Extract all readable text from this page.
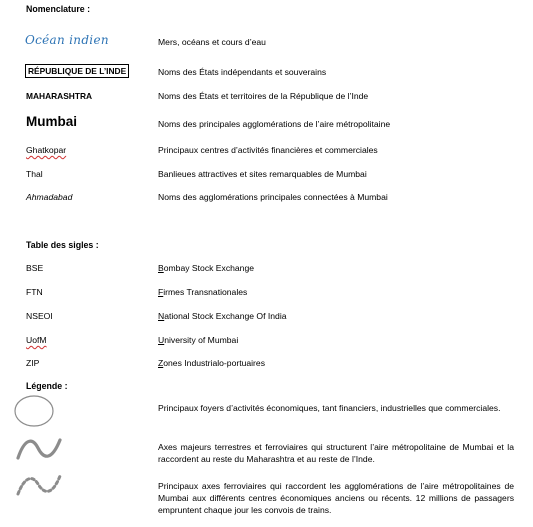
Nomenclature :
Océan indien	Mers, océans et cours d’eau
RÉPUBLIQUE DE L’INDE	Noms des États indépendants et souverains
MAHARASHTRA	Noms des États et territoires de la République de l’Inde
Mumbai	Noms des principales agglomérations de l’aire métropolitaine
Ghatkopar	Principaux centres d’activités financières et commerciales
Thal	Banlieues attractives et sites remarquables de Mumbai
Ahmadabad	Noms des agglomérations principales connectées à Mumbai
Table des sigles :
BSE	Bombay Stock Exchange
FTN	Firmes Transnationales
NSEOI	National Stock Exchange Of India
UofM	University of Mumbai
ZIP	Zones Industrialo-portuaires
Légende :
Principaux foyers d’activités économiques, tant financiers, industrielles que commerciales.
Axes majeurs terrestres et ferroviaires qui structurent l’aire métropolitaine de Mumbai et la raccordent au reste du Maharashtra et au reste de l’Inde.
Principaux axes ferroviaires qui raccordent les agglomérations de l’aire métropolitaines de Mumbai aux différents centres économiques anciens ou récents. 12 millions de passagers empruntent chaque jour les convois de trains.
